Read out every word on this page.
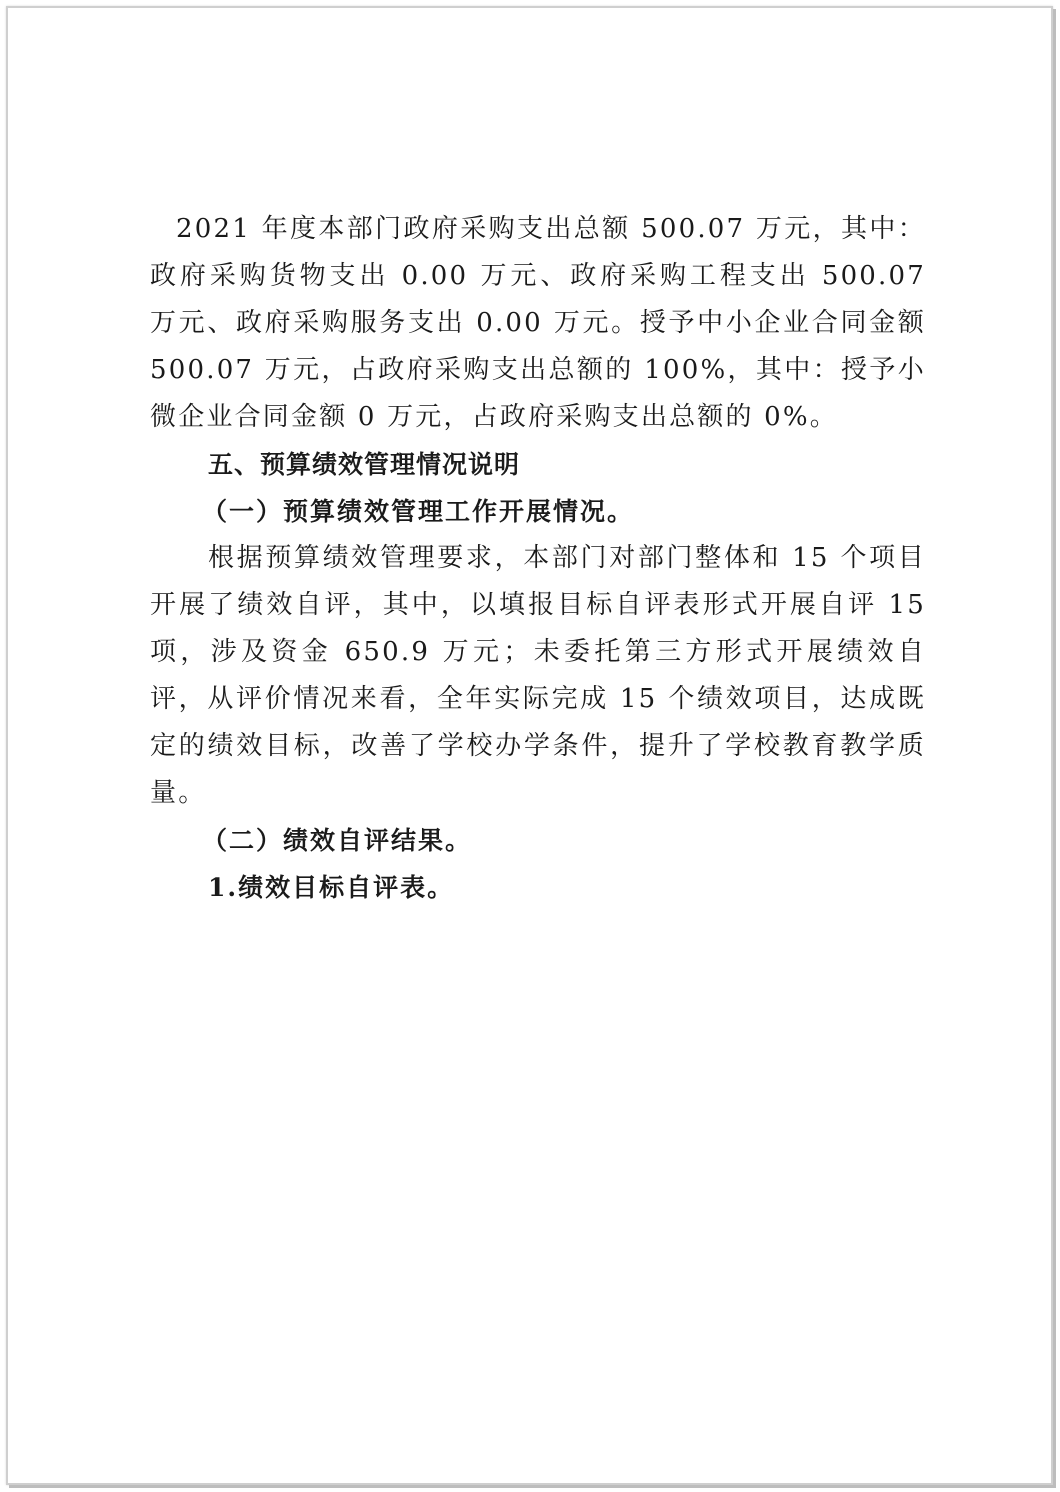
2021 年度本部门政府采购支出总额 500.07 万元，其中：政府采购货物支出 0.00 万元、政府采购工程支出 500.07 万元、政府采购服务支出 0.00 万元。授予中小企业合同金额 500.07 万元，占政府采购支出总额的 100%，其中：授予小微企业合同金额 0 万元，占政府采购支出总额的 0%。

五、预算绩效管理情况说明

（一）预算绩效管理工作开展情况。

根据预算绩效管理要求，本部门对部门整体和 15 个项目开展了绩效自评，其中，以填报目标自评表形式开展自评 15 项，涉及资金 650.9 万元；未委托第三方形式开展绩效自评，从评价情况来看，全年实际完成 15 个绩效项目，达成既定的绩效目标，改善了学校办学条件，提升了学校教育教学质量。

（二）绩效自评结果。

1.绩效目标自评表。
